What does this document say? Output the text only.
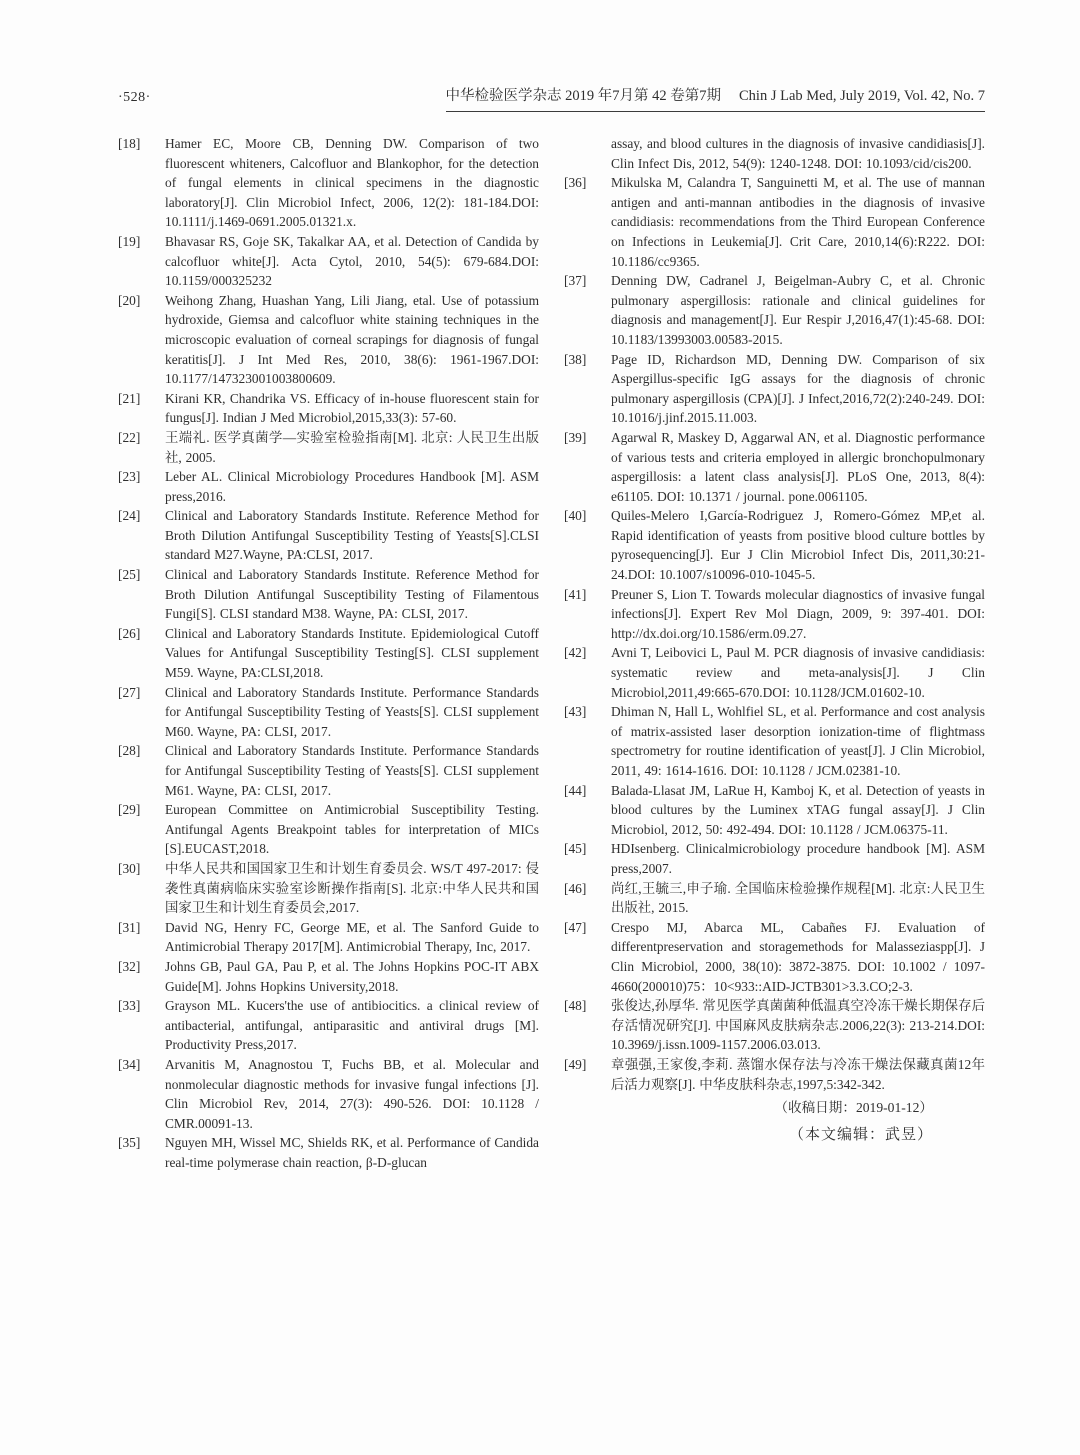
·528·	中华检验医学杂志 2019 年7月第 42 卷第7期 Chin J Lab Med, July 2019, Vol. 42, No. 7
[18] Hamer EC, Moore CB, Denning DW. Comparison of two fluorescent whiteners, Calcofluor and Blankophor, for the detection of fungal elements in clinical specimens in the diagnostic laboratory[J]. Clin Microbiol Infect, 2006, 12(2): 181-184.DOI: 10.1111/j.1469-0691.2005.01321.x.
[19] Bhavasar RS, Goje SK, Takalkar AA, et al. Detection of Candida by calcofluor white[J]. Acta Cytol, 2010, 54(5): 679-684.DOI: 10.1159/000325232
[20] Weihong Zhang, Huashan Yang, Lili Jiang, etal. Use of potassium hydroxide, Giemsa and calcofluor white staining techniques in the microscopic evaluation of corneal scrapings for diagnosis of fungal keratitis[J]. J Int Med Res, 2010, 38(6): 1961-1967.DOI: 10.1177/147323001003800609.
[21] Kirani KR, Chandrika VS. Efficacy of in-house fluorescent stain for fungus[J]. Indian J Med Microbiol,2015,33(3): 57-60.
[22] 王端礼. 医学真菌学—实验室检验指南[M]. 北京: 人民卫生出版社, 2005.
[23] Leber AL. Clinical Microbiology Procedures Handbook [M]. ASM press,2016.
[24] Clinical and Laboratory Standards Institute. Reference Method for Broth Dilution Antifungal Susceptibility Testing of Yeasts[S].CLSI standard M27.Wayne, PA:CLSI, 2017.
[25] Clinical and Laboratory Standards Institute. Reference Method for Broth Dilution Antifungal Susceptibility Testing of Filamentous Fungi[S]. CLSI standard M38. Wayne, PA: CLSI, 2017.
[26] Clinical and Laboratory Standards Institute. Epidemiological Cutoff Values for Antifungal Susceptibility Testing[S]. CLSI supplement M59. Wayne, PA:CLSI,2018.
[27] Clinical and Laboratory Standards Institute. Performance Standards for Antifungal Susceptibility Testing of Yeasts[S]. CLSI supplement M60. Wayne, PA: CLSI, 2017.
[28] Clinical and Laboratory Standards Institute. Performance Standards for Antifungal Susceptibility Testing of Yeasts[S]. CLSI supplement M61. Wayne, PA: CLSI, 2017.
[29] European Committee on Antimicrobial Susceptibility Testing. Antifungal Agents Breakpoint tables for interpretation of MICs [S].EUCAST,2018.
[30] 中华人民共和国国家卫生和计划生育委员会. WS/T 497-2017: 侵袭性真菌病临床实验室诊断操作指南[S]. 北京:中华人民共和国国家卫生和计划生育委员会,2017.
[31] David NG, Henry FC, George ME, et al. The Sanford Guide to Antimicrobial Therapy 2017[M]. Antimicrobial Therapy, Inc, 2017.
[32] Johns GB, Paul GA, Pau P, et al. The Johns Hopkins POC-IT ABX Guide[M]. Johns Hopkins University,2018.
[33] Grayson ML. Kucers'the use of antibiocitics. a clinical review of antibacterial, antifungal, antiparasitic and antiviral drugs [M]. Productivity Press,2017.
[34] Arvanitis M, Anagnostou T, Fuchs BB, et al. Molecular and nonmolecular diagnostic methods for invasive fungal infections [J]. Clin Microbiol Rev, 2014, 27(3): 490-526. DOI: 10.1128 / CMR.00091-13.
[35] Nguyen MH, Wissel MC, Shields RK, et al. Performance of Candida real-time polymerase chain reaction, β-D-glucan
assay, and blood cultures in the diagnosis of invasive candidiasis[J]. Clin Infect Dis, 2012, 54(9): 1240-1248. DOI: 10.1093/cid/cis200.
[36] Mikulska M, Calandra T, Sanguinetti M, et al. The use of mannan antigen and anti-mannan antibodies in the diagnosis of invasive candidiasis: recommendations from the Third European Conference on Infections in Leukemia[J]. Crit Care, 2010,14(6):R222. DOI: 10.1186/cc9365.
[37] Denning DW, Cadranel J, Beigelman-Aubry C, et al. Chronic pulmonary aspergillosis: rationale and clinical guidelines for diagnosis and management[J]. Eur Respir J,2016,47(1):45-68. DOI: 10.1183/13993003.00583-2015.
[38] Page ID, Richardson MD, Denning DW. Comparison of six Aspergillus-specific IgG assays for the diagnosis of chronic pulmonary aspergillosis (CPA)[J]. J Infect,2016,72(2):240-249. DOI: 10.1016/j.jinf.2015.11.003.
[39] Agarwal R, Maskey D, Aggarwal AN, et al. Diagnostic performance of various tests and criteria employed in allergic bronchopulmonary aspergillosis: a latent class analysis[J]. PLoS One, 2013, 8(4): e61105. DOI: 10.1371 / journal. pone.0061105.
[40] Quiles-Melero I,García-Rodriguez J, Romero-Gómez MP,et al. Rapid identification of yeasts from positive blood culture bottles by pyrosequencing[J]. Eur J Clin Microbiol Infect Dis, 2011,30:21-24.DOI: 10.1007/s10096-010-1045-5.
[41] Preuner S, Lion T. Towards molecular diagnostics of invasive fungal infections[J]. Expert Rev Mol Diagn, 2009, 9: 397-401. DOI: http://dx.doi.org/10.1586/erm.09.27.
[42] Avni T, Leibovici L, Paul M. PCR diagnosis of invasive candidiasis: systematic review and meta-analysis[J]. J Clin Microbiol,2011,49:665-670.DOI: 10.1128/JCM.01602-10.
[43] Dhiman N, Hall L, Wohlfiel SL, et al. Performance and cost analysis of matrix-assisted laser desorption ionization-time of flightmass spectrometry for routine identification of yeast[J]. J Clin Microbiol, 2011, 49: 1614-1616. DOI: 10.1128 / JCM.02381-10.
[44] Balada-Llasat JM, LaRue H, Kamboj K, et al. Detection of yeasts in blood cultures by the Luminex xTAG fungal assay[J]. J Clin Microbiol, 2012, 50: 492-494. DOI: 10.1128 / JCM.06375-11.
[45] HDIsenberg. Clinicalmicrobiology procedure handbook [M]. ASM press,2007.
[46] 尚红,王毓三,申子瑜. 全国临床检验操作规程[M]. 北京:人民卫生出版社, 2015.
[47] Crespo MJ, Abarca ML, Cabañes FJ. Evaluation of differentpreservation and storagemethods for Malasseziaspp[J]. J Clin Microbiol, 2000, 38(10): 3872-3875. DOI: 10.1002 / 1097-4660(200010)75：10<933::AID-JCTB301>3.3.CO;2-3.
[48] 张俊达,孙厚华. 常见医学真菌菌种低温真空冷冻干燥长期保存后存活情况研究[J]. 中国麻风皮肤病杂志.2006,22(3): 213-214.DOI: 10.3969/j.issn.1009-1157.2006.03.013.
[49] 章强强,王家俊,李莉. 蒸馏水保存法与冷冻干燥法保藏真菌12年后活力观察[J]. 中华皮肤科杂志,1997,5:342-342.
（收稿日期：2019-01-12）
（本文编辑：武昱）
